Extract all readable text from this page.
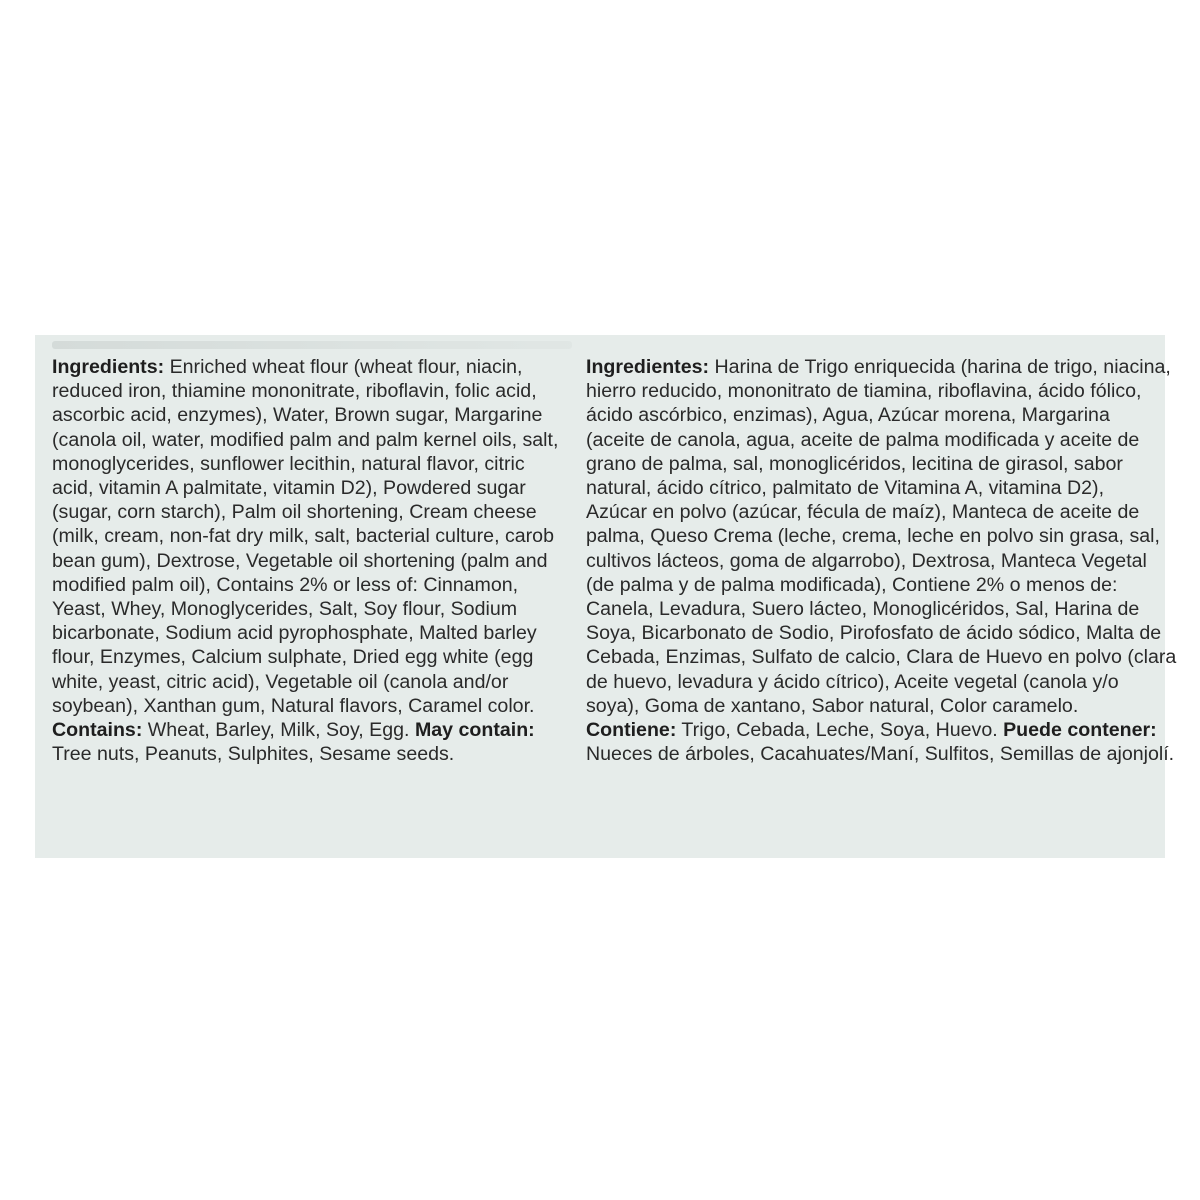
Ingredients: Enriched wheat flour (wheat flour, niacin,
reduced iron, thiamine mononitrate, riboflavin, folic acid,
ascorbic acid, enzymes), Water, Brown sugar, Margarine
(canola oil, water, modified palm and palm kernel oils, salt,
monoglycerides, sunflower lecithin, natural flavor, citric
acid, vitamin A palmitate, vitamin D2), Powdered sugar
(sugar, corn starch), Palm oil shortening, Cream cheese
(milk, cream, non-fat dry milk, salt, bacterial culture, carob
bean gum), Dextrose, Vegetable oil shortening (palm and
modified palm oil), Contains 2% or less of: Cinnamon,
Yeast, Whey, Monoglycerides, Salt, Soy flour, Sodium
bicarbonate, Sodium acid pyrophosphate, Malted barley
flour, Enzymes, Calcium sulphate, Dried egg white (egg
white, yeast, citric acid), Vegetable oil (canola and/or
soybean), Xanthan gum, Natural flavors, Caramel color.
Contains: Wheat, Barley, Milk, Soy, Egg. May contain:
Tree nuts, Peanuts, Sulphites, Sesame seeds.
Ingredientes: Harina de Trigo enriquecida (harina de trigo, niacina,
hierro reducido, mononitrato de tiamina, riboflavina, ácido fólico,
ácido ascórbico, enzimas), Agua, Azúcar morena, Margarina
(aceite de canola, agua, aceite de palma modificada y aceite de
grano de palma, sal, monoglicéridos, lecitina de girasol, sabor
natural, ácido cítrico, palmitato de Vitamina A, vitamina D2),
Azúcar en polvo (azúcar, fécula de maíz), Manteca de aceite de
palma, Queso Crema (leche, crema, leche en polvo sin grasa, sal,
cultivos lácteos, goma de algarrobo), Dextrosa, Manteca Vegetal
(de palma y de palma modificada), Contiene 2% o menos de:
Canela, Levadura, Suero lácteo, Monoglicéridos, Sal, Harina de
Soya, Bicarbonato de Sodio, Pirofosfato de ácido sódico, Malta de
Cebada, Enzimas, Sulfato de calcio, Clara de Huevo en polvo (clara
de huevo, levadura y ácido cítrico), Aceite vegetal (canola y/o
soya), Goma de xantano, Sabor natural, Color caramelo.
Contiene: Trigo, Cebada, Leche, Soya, Huevo. Puede contener:
Nueces de árboles, Cacahuates/Maní, Sulfitos, Semillas de ajonjolí.
